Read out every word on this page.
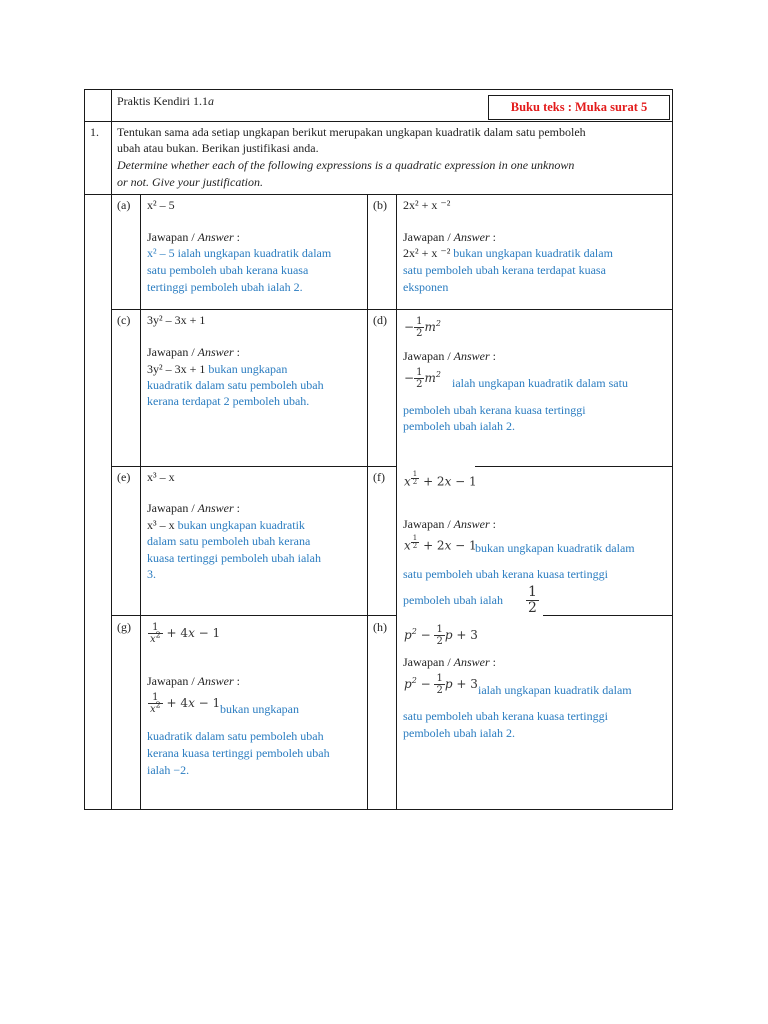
Praktis Kendiri 1.1a	Buku teks : Muka surat 5
1. Tentukan sama ada setiap ungkapan berikut merupakan ungkapan kuadratik dalam satu pemboleh
ubah atau bukan. Berikan justifikasi anda.
Determine whether each of the following expressions is a quadratic expression in one unknown
or not. Give your justification.
(a) x² – 5
Jawapan / Answer :
x² – 5 ialah ungkapan kuadratik dalam
satu pemboleh ubah kerana kuasa
tertinggi pemboleh ubah ialah 2.
(b) 2x² + x ⁻²
Jawapan / Answer :
2x² + x ⁻² bukan ungkapan kuadratik dalam
satu pemboleh ubah kerana terdapat kuasa
eksponen
(c) 3y² – 3x + 1
Jawapan / Answer :
3y² – 3x + 1 bukan ungkapan
kuadratik dalam satu pemboleh ubah
kerana terdapat 2 pemboleh ubah.
$(d) - \frac{1}{2} m^2$
Jawapan / Answer :
− $\frac{1}{2} m^2$
ialah ungkapan kuadratik dalam satu
pemboleh ubah kerana kuasa tertinggi
pemboleh ubah ialah 2.
(e) x³ – x
Jawapan / Answer :
x³ – x bukan ungkapan kuadratik
dalam satu pemboleh ubah kerana
kuasa tertinggi pemboleh ubah ialah
3.
(f) x $^{\frac{1}{2}}$ + 2x − 1
Jawapan / Answer :
x $^{\frac{1}{2}}$ + 2x − 1
bukan ungkapan kuadratik dalam
satu pemboleh ubah kerana kuasa tertinggi
pemboleh ubah ialah $\frac{1}{2}$
$(g) \frac{1}{x^2} + 4x - 1$
Jawapan / Answer :
$\frac{1}{x^2} + 4x - 1$ bukan ungkapan
kuadratik dalam satu pemboleh ubah
kerana kuasa tertinggi pemboleh ubah
ialah −2.
(h)
$p^2 - \frac{1}{2}$ p + 3
Jawapan / Answer :
$p^2 - \frac{1}{2}$ p + 3 ialah ungkapan kuadratik dalam
satu pemboleh ubah kerana kuasa tertinggi
pemboleh ubah ialah 2.
